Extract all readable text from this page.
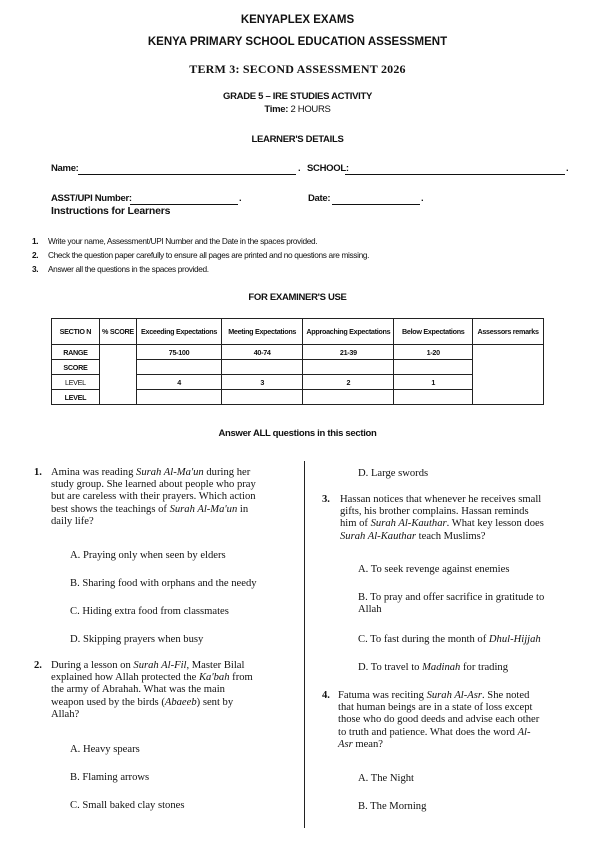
KENYAPLEX EXAMS
KENYA PRIMARY SCHOOL EDUCATION ASSESSMENT
TERM 3: SECOND ASSESSMENT 2026
GRADE 5 – IRE STUDIES ACTIVITY
Time: 2 HOURS
LEARNER'S DETAILS
Name:	. SCHOOL:	.
ASST/UPI Number:	.	Date:	.
Instructions for Learners
1. Write your name, Assessment/UPI Number and the Date in the spaces provided.
2. Check the question paper carefully to ensure all pages are printed and no questions are missing.
3. Answer all the questions in the spaces provided.
FOR EXAMINER'S USE
SECTIO N	% SCORE	Exceeding Expectations	Meeting Expectations	Approaching Expectations	Below Expectations	Assessors remarks
RANGE		75-100	40-74	21-39	1-20	
SCORE						
LEVEL		4	3	2	1	
LEVEL						
Answer ALL questions in this section
1. Amina was reading Surah Al-Ma'un during her
study group. She learned about people who pray
but are careless with their prayers. Which action
best shows the teachings of Surah Al-Ma'un in
daily life?
A. Praying only when seen by elders
B. Sharing food with orphans and the needy
C. Hiding extra food from classmates
D. Skipping prayers when busy
2. During a lesson on Surah Al-Fil, Master Bilal
explained how Allah protected the Ka'bah from
the army of Abrahah. What was the main
weapon used by the birds (Abaeeb) sent by
Allah?
A. Heavy spears
B. Flaming arrows
C. Small baked clay stones
D. Large swords
3. Hassan notices that whenever he receives small
gifts, his brother complains. Hassan reminds
him of Surah Al-Kauthar. What key lesson does
Surah Al-Kauthar teach Muslims?
A. To seek revenge against enemies
B. To pray and offer sacrifice in gratitude to
Allah
C. To fast during the month of Dhul-Hijjah
D. To travel to Madinah for trading
4. Fatuma was reciting Surah Al-Asr. She noted
that human beings are in a state of loss except
those who do good deeds and advise each other
to truth and patience. What does the word Al-
Asr mean?
A. The Night
B. The Morning
